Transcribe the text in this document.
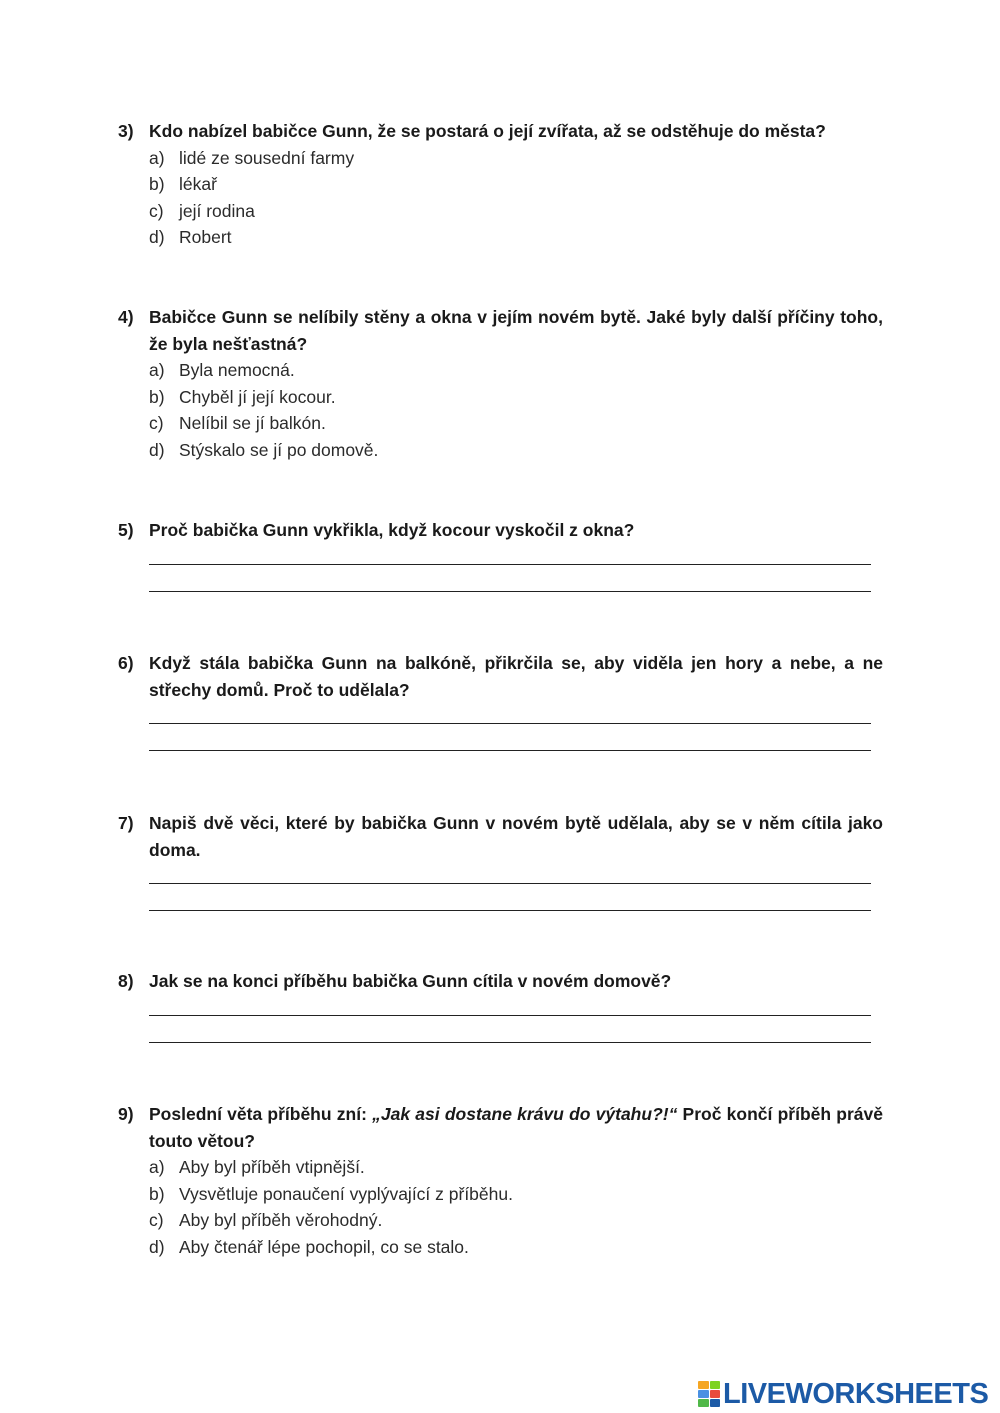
3) Kdo nabízel babičce Gunn, že se postará o její zvířata, až se odstěhuje do města?
a) lidé ze sousední farmy
b) lékař
c) její rodina
d) Robert
4) Babičce Gunn se nelíbily stěny a okna v jejím novém bytě. Jaké byly další příčiny toho, že byla nešťastná?
a) Byla nemocná.
b) Chyběl jí její kocour.
c) Nelíbil se jí balkón.
d) Stýskalo se jí po domově.
5) Proč babička Gunn vykřikla, když kocour vyskočil z okna?
6) Když stála babička Gunn na balkóně, přikrčila se, aby viděla jen hory a nebe, a ne střechy domů. Proč to udělala?
7) Napiš dvě věci, které by babička Gunn v novém bytě udělala, aby se v něm cítila jako doma.
8) Jak se na konci příběhu babička Gunn cítila v novém domově?
9) Poslední věta příběhu zní: „Jak asi dostane krávu do výtahu?!“ Proč končí příběh právě touto větou?
a) Aby byl příběh vtipnější.
b) Vysvětluje ponaučení vyplývající z příběhu.
c) Aby byl příběh věrohodný.
d) Aby čtenář lépe pochopil, co se stalo.
LIVEWORKSHEETS
